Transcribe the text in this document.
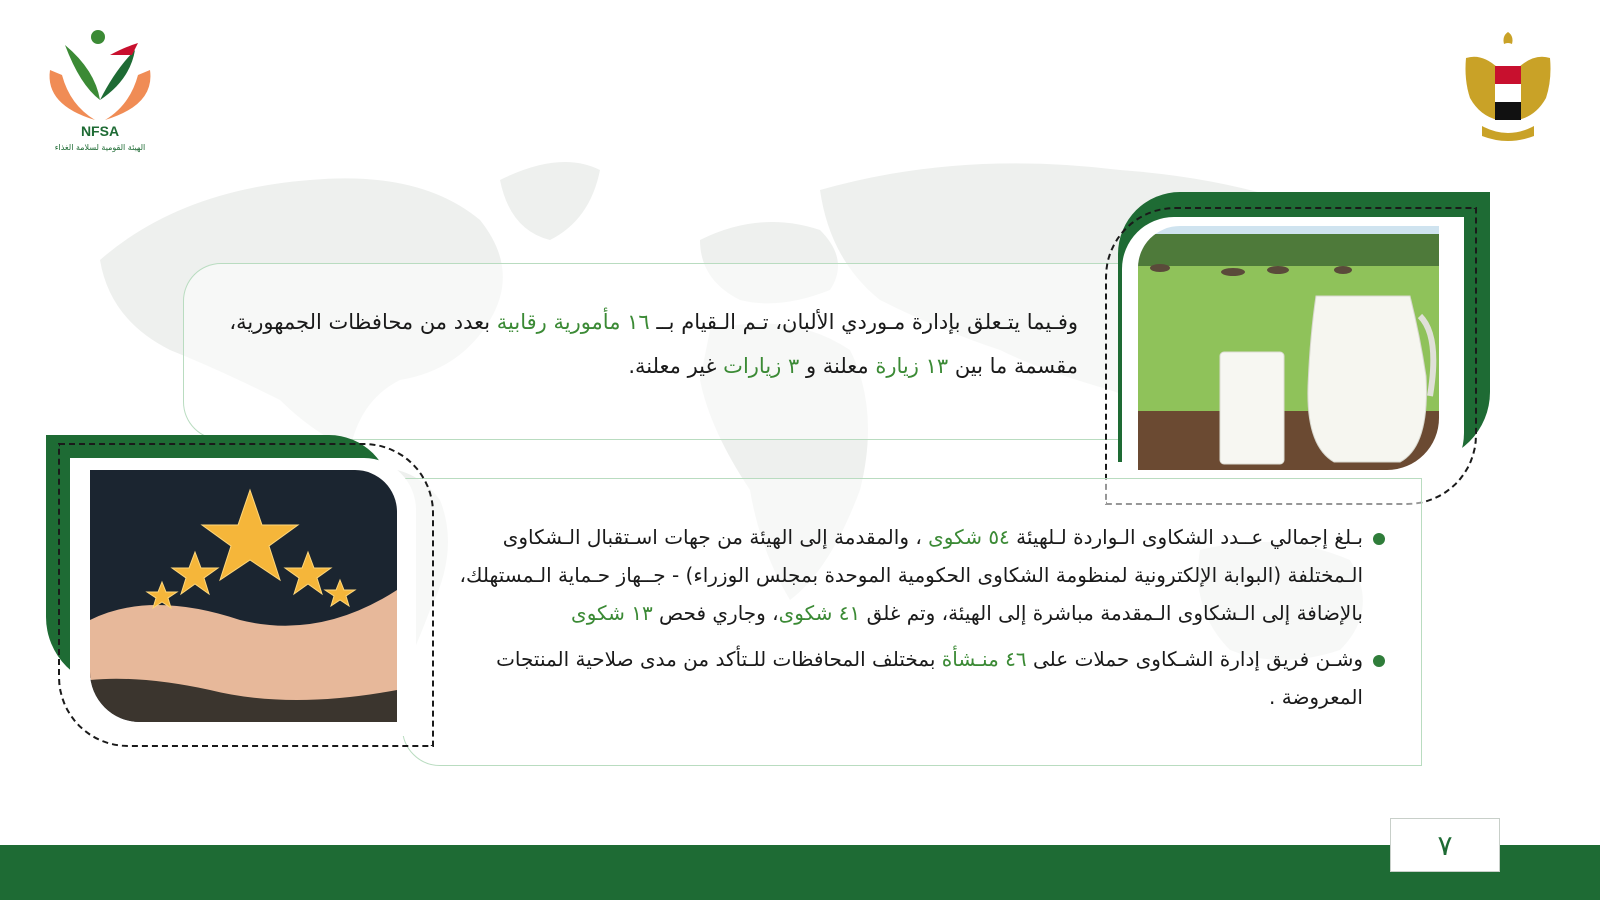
NFSA
الهيئة القومية لسلامة الغذاء
وفـيما يتـعلق بإدارة مـوردي الألبان، تـم الـقيام بــ ١٦ مأمورية رقابية بعدد من محافظات الجمهورية، مقسمة ما بين ١٣ زيارة معلنة و ٣ زيارات غير معلنة.
بـلغ إجمالي عــدد الشكاوى الـواردة لـلهيئة ٥٤ شكوى ، والمقدمة إلى الهيئة من جهات اسـتقبال الـشكاوى الـمختلفة (البوابة الإلكترونية لمنظومة الشكاوى الحكومية الموحدة بمجلس الوزراء) - جــهاز حـماية الـمستهلك، بالإضافة إلى الـشكاوى الـمقدمة مباشرة إلى الهيئة، وتم غلق ٤١ شكوى، وجاري فحص ١٣ شكوى
وشـن فريق إدارة الشـكاوى حملات على ٤٦ منـشأة بمختلف المحافظات للـتأكد من مدى صلاحية المنتجات المعروضة .
٧
